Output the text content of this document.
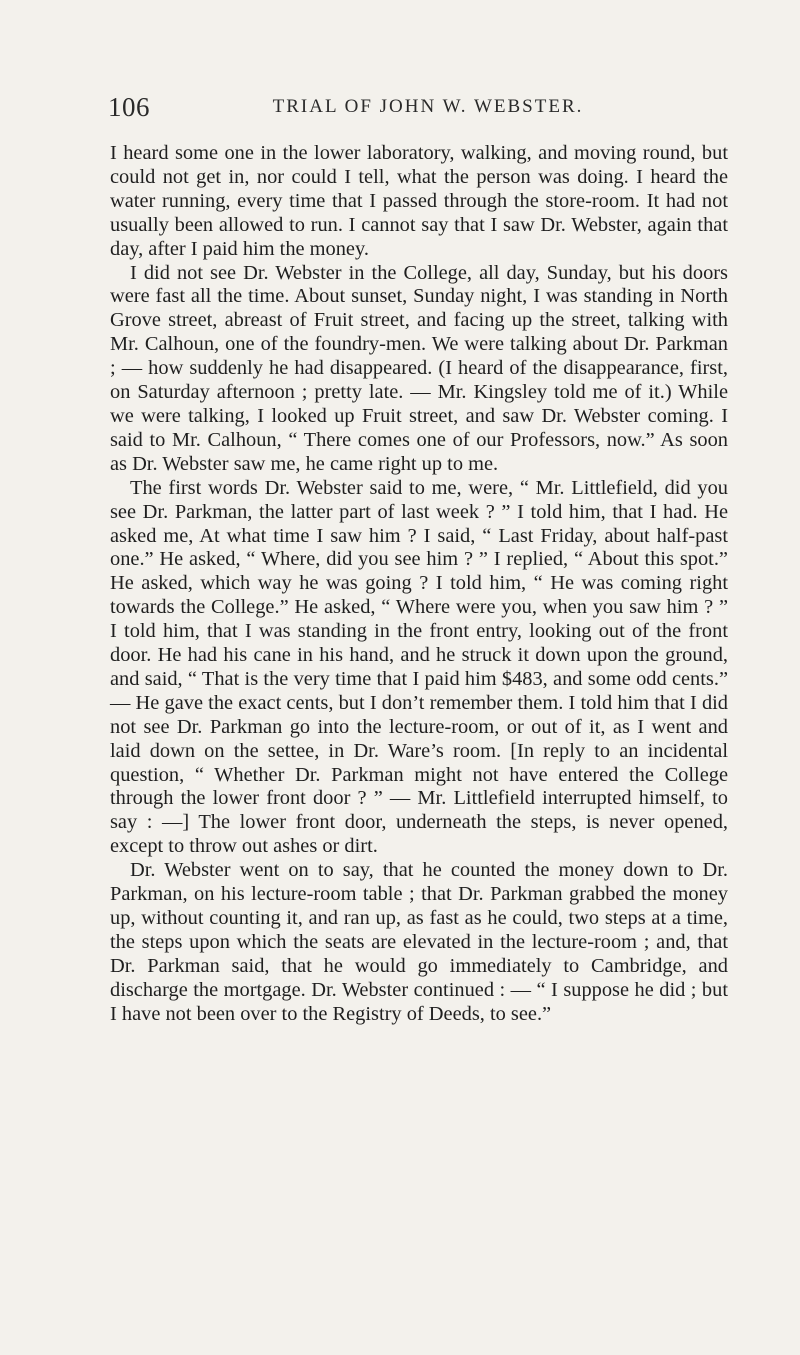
106	TRIAL OF JOHN W. WEBSTER.

I heard some one in the lower laboratory, walking, and moving round, but could not get in, nor could I tell, what the person was doing. I heard the water running, every time that I passed through the store-room. It had not usually been allowed to run. I cannot say that I saw Dr. Webster, again that day, after I paid him the money.

I did not see Dr. Webster in the College, all day, Sunday, but his doors were fast all the time. About sunset, Sunday night, I was standing in North Grove street, abreast of Fruit street, and facing up the street, talking with Mr. Calhoun, one of the foundry-men. We were talking about Dr. Parkman ; — how suddenly he had disappeared. (I heard of the disappearance, first, on Saturday afternoon ; pretty late. — Mr. Kingsley told me of it.) While we were talking, I looked up Fruit street, and saw Dr. Webster coming. I said to Mr. Calhoun, “ There comes one of our Professors, now.” As soon as Dr. Webster saw me, he came right up to me.

The first words Dr. Webster said to me, were, “ Mr. Littlefield, did you see Dr. Parkman, the latter part of last week ? ” I told him, that I had. He asked me, At what time I saw him ? I said, “ Last Friday, about half-past one.” He asked, “ Where, did you see him ? ” I replied, “ About this spot.” He asked, which way he was going ? I told him, “ He was coming right towards the College.” He asked, “ Where were you, when you saw him ? ” I told him, that I was standing in the front entry, looking out of the front door. He had his cane in his hand, and he struck it down upon the ground, and said, “ That is the very time that I paid him $483, and some odd cents.” — He gave the exact cents, but I don’t remember them. I told him that I did not see Dr. Parkman go into the lecture-room, or out of it, as I went and laid down on the settee, in Dr. Ware’s room. [In reply to an incidental question, “ Whether Dr. Parkman might not have entered the College through the lower front door ? ” — Mr. Littlefield interrupted himself, to say : —] The lower front door, underneath the steps, is never opened, except to throw out ashes or dirt.

Dr. Webster went on to say, that he counted the money down to Dr. Parkman, on his lecture-room table ; that Dr. Parkman grabbed the money up, without counting it, and ran up, as fast as he could, two steps at a time, the steps upon which the seats are elevated in the lecture-room ; and, that Dr. Parkman said, that he would go immediately to Cambridge, and discharge the mortgage. Dr. Webster continued : — “ I suppose he did ; but I have not been over to the Registry of Deeds, to see.”
